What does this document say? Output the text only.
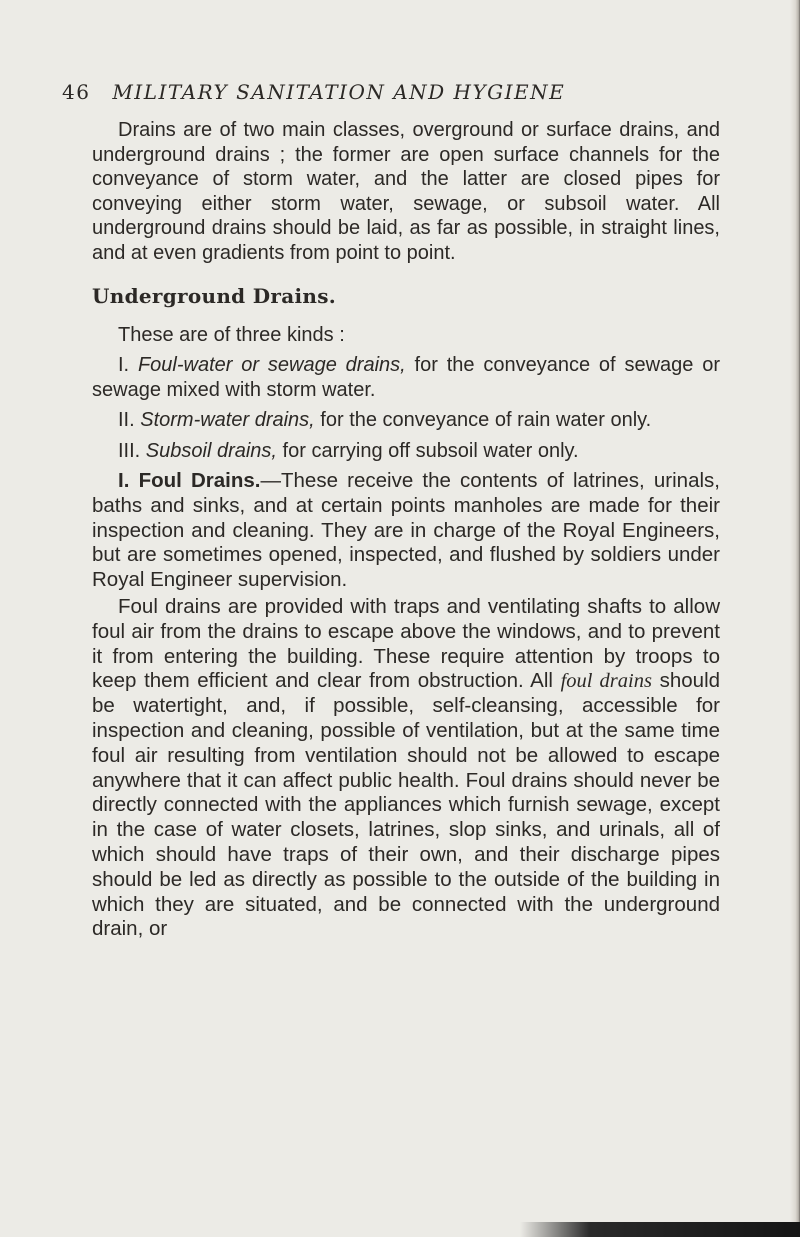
46 MILITARY SANITATION AND HYGIENE

Drains are of two main classes, overground or surface drains, and underground drains ; the former are open surface channels for the conveyance of storm water, and the latter are closed pipes for conveying either storm water, sewage, or subsoil water. All underground drains should be laid, as far as possible, in straight lines, and at even gradients from point to point.

Underground Drains.

These are of three kinds :

I. Foul-water or sewage drains, for the conveyance of sewage or sewage mixed with storm water.

II. Storm-water drains, for the conveyance of rain water only.

III. Subsoil drains, for carrying off subsoil water only.

I. Foul Drains.—These receive the contents of latrines, urinals, baths and sinks, and at certain points manholes are made for their inspection and cleaning. They are in charge of the Royal Engineers, but are sometimes opened, inspected, and flushed by soldiers under Royal Engineer supervision.

Foul drains are provided with traps and ventilating shafts to allow foul air from the drains to escape above the windows, and to prevent it from entering the building. These require attention by troops to keep them efficient and clear from obstruction. All foul drains should be watertight, and, if possible, self-cleansing, accessible for inspection and cleaning, possible of ventilation, but at the same time foul air resulting from ventilation should not be allowed to escape anywhere that it can affect public health. Foul drains should never be directly connected with the appliances which furnish sewage, except in the case of water closets, latrines, slop sinks, and urinals, all of which should have traps of their own, and their discharge pipes should be led as directly as possible to the outside of the building in which they are situated, and be connected with the underground drain, or
